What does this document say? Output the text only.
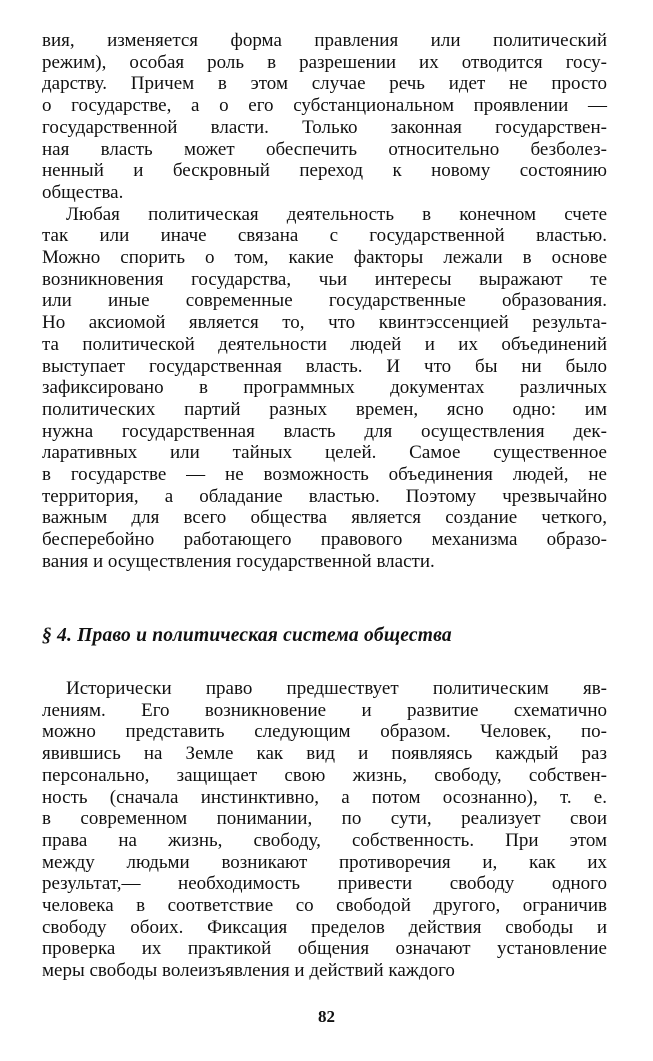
вия, изменяется форма правления или политический
режим), особая роль в разрешении их отводится госу-
дарству. Причем в этом случае речь идет не просто
о государстве, а о его субстанциональном проявлении —
государственной власти. Только законная государствен-
ная власть может обеспечить относительно безболез-
ненный и бескровный переход к новому состоянию
общества.
Любая политическая деятельность в конечном счете
так или иначе связана с государственной властью.
Можно спорить о том, какие факторы лежали в основе
возникновения государства, чьи интересы выражают те
или иные современные государственные образования.
Но аксиомой является то, что квинтэссенцией результа-
та политической деятельности людей и их объединений
выступает государственная власть. И что бы ни было
зафиксировано в программных документах различных
политических партий разных времен, ясно одно: им
нужна государственная власть для осуществления дек-
ларативных или тайных целей. Самое существенное
в государстве — не возможность объединения людей, не
территория, а обладание властью. Поэтому чрезвычайно
важным для всего общества является создание четкого,
бесперебойно работающего правового механизма образо-
вания и осуществления государственной власти.
§ 4. Право и политическая система общества
Исторически право предшествует политическим яв-
лениям. Его возникновение и развитие схематично
можно представить следующим образом. Человек, по-
явившись на Земле как вид и появляясь каждый раз
персонально, защищает свою жизнь, свободу, собствен-
ность (сначала инстинктивно, а потом осознанно), т. е.
в современном понимании, по сути, реализует свои
права на жизнь, свободу, собственность. При этом
между людьми возникают противоречия и, как их
результат,— необходимость привести свободу одного
человека в соответствие со свободой другого, ограничив
свободу обоих. Фиксация пределов действия свободы и
проверка их практикой общения означают установление
меры свободы волеизъявления и действий каждого
82
